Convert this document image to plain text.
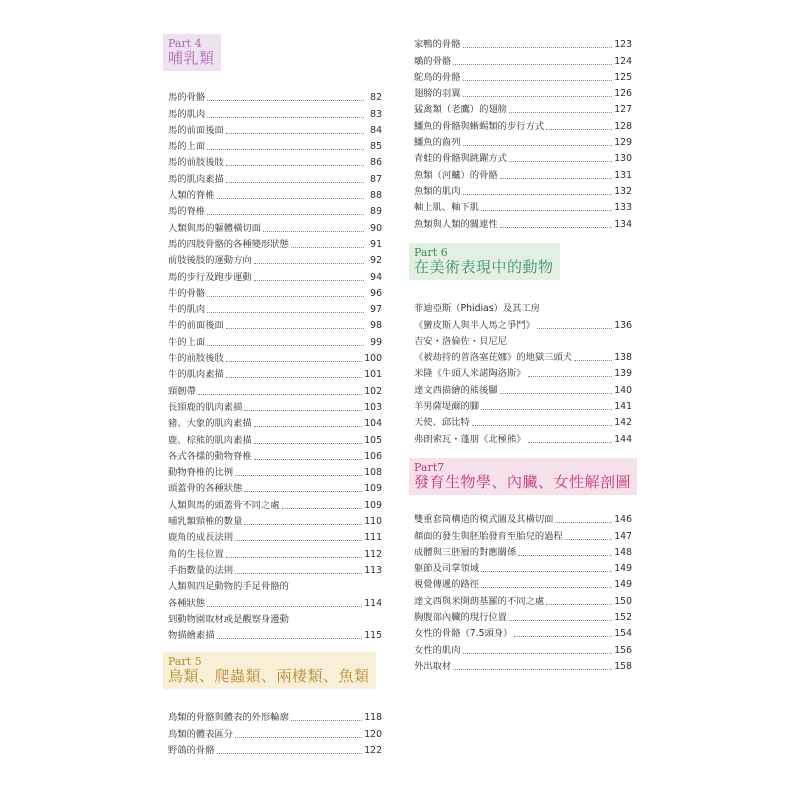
Part 4
哺乳類
馬的骨骼	82
馬的肌肉	83
馬的前面後面	84
馬的上面	85
馬的前肢後肢	86
馬的肌肉素描	87
人類的脊椎	88
馬的脊椎	89
人類與馬的軀體橫切面	90
馬的四肢骨骼的各種變形狀態	91
前肢後肢的運動方向	92
馬的步行及跑步運動	94
牛的骨骼	96
牛的肌肉	97
牛的前面後面	98
牛的上面	99
牛的前肢後肢	100
牛的肌肉素描	101
頸韌帶	102
長頸鹿的肌肉素描	103
豬、大象的肌肉素描	104
鹿、棕熊的肌肉素描	105
各式各樣的動物脊椎	106
動物脊椎的比例	108
頭蓋骨的各種狀態	109
人類與馬的頭蓋骨不同之處	109
哺乳類頸椎的數量	110
鹿角的成長法則	111
角的生長位置	112
手指數量的法則	113
人類與四足動物的手足骨骼的
各種狀態	114
到動物園取材或是觀察身邊動
物描繪素描	115
Part 5
鳥類、爬蟲類、兩棲類、魚類
鳥類的骨骼與體表的外形輪廓	118
鳥類的體表區分	120
野鴿的骨骼	122
家鴨的骨骼	123
鵰的骨骼	124
鴕鳥的骨骼	125
翅膀的羽翼	126
猛禽類（老鷹）的翅膀	127
鱷魚的骨骼與蜥蜴類的步行方式	128
鱷魚的齒列	129
青蛙的骨骼與跳躍方式	130
魚類（河鱸）的骨骼	131
魚類的肌肉	132
軸上肌、軸下肌	133
魚類與人類的關連性	134
Part 6
在美術表現中的動物
菲迪亞斯（Phidias）及其工房
《蠻皮斯人與半人馬之爭鬥》	136
吉安・洛倫佐・貝尼尼
《被劫持的普洛塞芘娜》的地獄三頭犬	138
米隆《牛頭人米諾陶洛斯》	139
達文西描繪的熊後腳	140
羊男薩堤爾的腳	141
天使、邱比特	142
弗朗索瓦・蓬朋《北極熊》	144
Part7
發育生物學、內臟、女性解剖圖
雙重套筒構造的模式圖及其橫切面	146
顏面的發生與胚胎發育至胎兒的過程	147
成體與三胚層的對應關係	148
躯節及司掌領域	149
視覺傳遞的路徑	149
達文西與米開朗基羅的不同之處	150
胸腹部內臟的現行位置	152
女性的骨骼（7.5頭身）	154
女性的肌肉	156
外出取材	158
